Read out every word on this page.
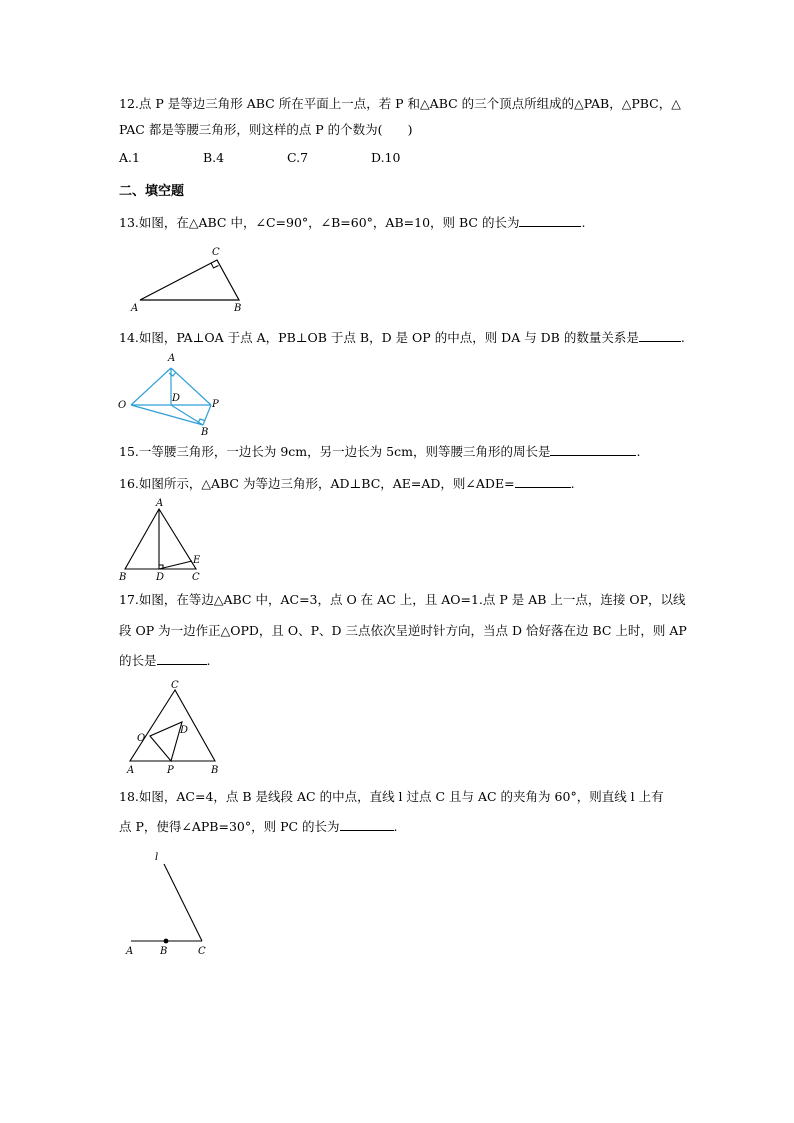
12.点 P 是等边三角形 ABC 所在平面上一点，若 P 和△ABC 的三个顶点所组成的△PAB，△PBC，△
PAC 都是等腰三角形，则这样的点 P 的个数为(　　)
A.1	B.4	C.7	D.10
二、填空题
13.如图，在△ABC 中，∠C=90°，∠B=60°，AB=10，则 BC 的长为	.
C
A	B
14.如图，PA⊥OA 于点 A，PB⊥OB 于点 B，D 是 OP 的中点，则 DA 与 DB 的数量关系是	.
A
O
D
P
B
15.一等腰三角形，一边长为 9cm，另一边长为 5cm，则等腰三角形的周长是	.
16.如图所示，△ABC 为等边三角形，AD⊥BC，AE=AD，则∠ADE=	.
A
B	D	C
E
17.如图，在等边△ABC 中，AC=3，点 O 在 AC 上，且 AO=1.点 P 是 AB 上一点，连接 OP，以线
段 OP 为一边作正△OPD，且 O、P、D 三点依次呈逆时针方向，当点 D 恰好落在边 BC 上时，则 AP
的长是	.
C
O
D
A	P	B
18.如图，AC=4，点 B 是线段 AC 的中点，直线 l 过点 C 且与 AC 的夹角为 60°，则直线 l 上有
点 P，使得∠APB=30°，则 PC 的长为	.
l
A	B	C
